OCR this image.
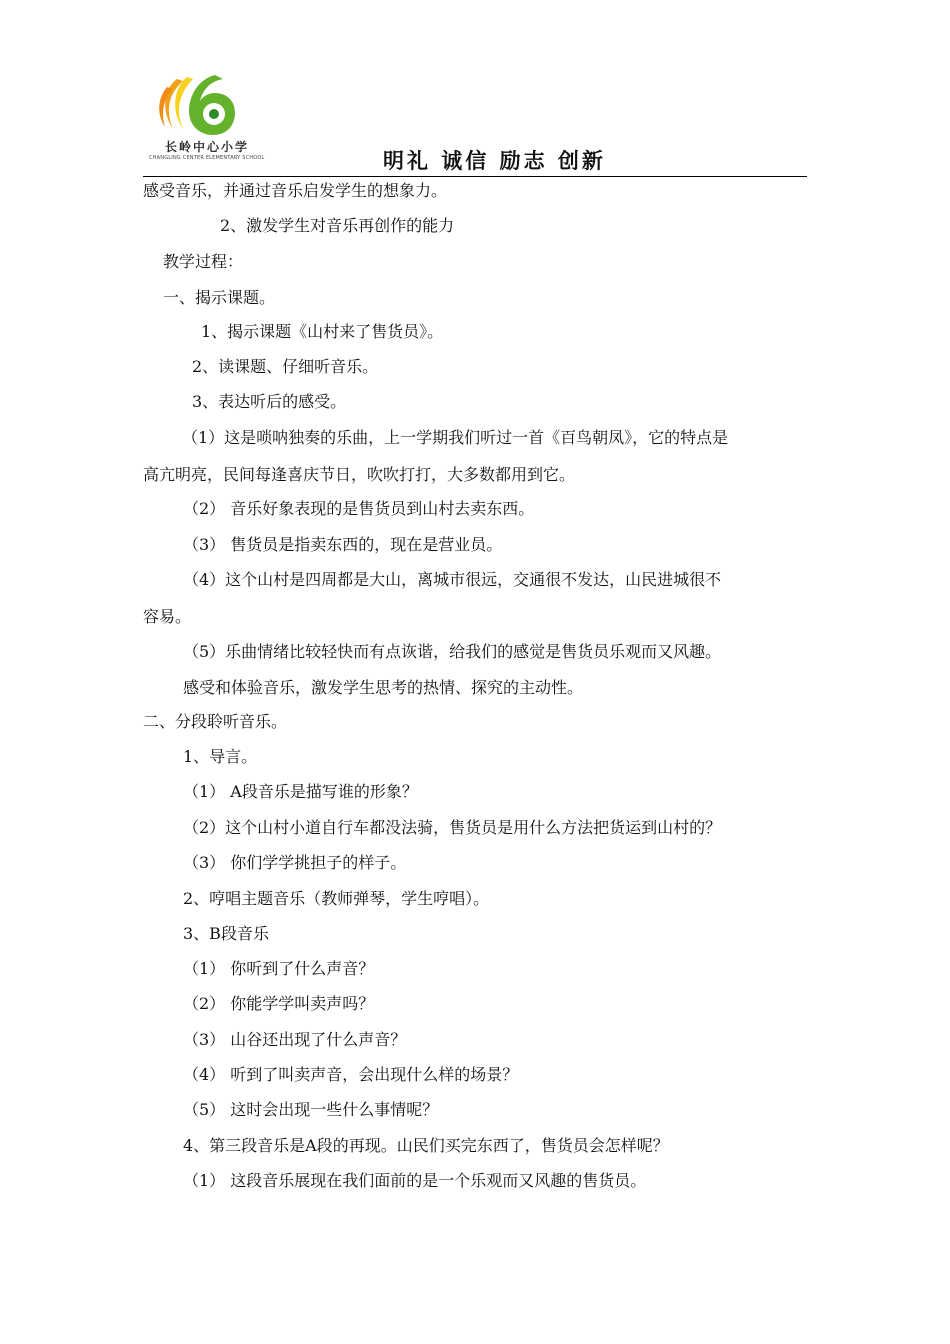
长岭中心小学
CHANGLING CENTER ELEMENTARY SCHOOL	明礼 诚信 励志 创新
感受音乐，并通过音乐启发学生的想象力。
2、激发学生对音乐再创作的能力
教学过程：
一、揭示课题。
1、揭示课题《山村来了售货员》。
2、读课题、仔细听音乐。
3、表达听后的感受。
（1）这是唢呐独奏的乐曲，上一学期我们听过一首《百鸟朝凤》，它的特点是
高亢明亮，民间每逢喜庆节日，吹吹打打，大多数都用到它。
（2） 音乐好象表现的是售货员到山村去卖东西。
（3） 售货员是指卖东西的，现在是营业员。
（4）这个山村是四周都是大山，离城市很远，交通很不发达，山民进城很不
容易。
（5）乐曲情绪比较轻快而有点诙谐，给我们的感觉是售货员乐观而又风趣。
感受和体验音乐，激发学生思考的热情、探究的主动性。
二、分段聆听音乐。
1、导言。
（1） A段音乐是描写谁的形象？
（2）这个山村小道自行车都没法骑，售货员是用什么方法把货运到山村的？
（3） 你们学学挑担子的样子。
2、哼唱主题音乐（教师弹琴，学生哼唱）。
3、B段音乐
（1） 你听到了什么声音？
（2） 你能学学叫卖声吗？
（3） 山谷还出现了什么声音？
（4） 听到了叫卖声音，会出现什么样的场景？
（5） 这时会出现一些什么事情呢？
4、第三段音乐是A段的再现。山民们买完东西了，售货员会怎样呢？
（1） 这段音乐展现在我们面前的是一个乐观而又风趣的售货员。
